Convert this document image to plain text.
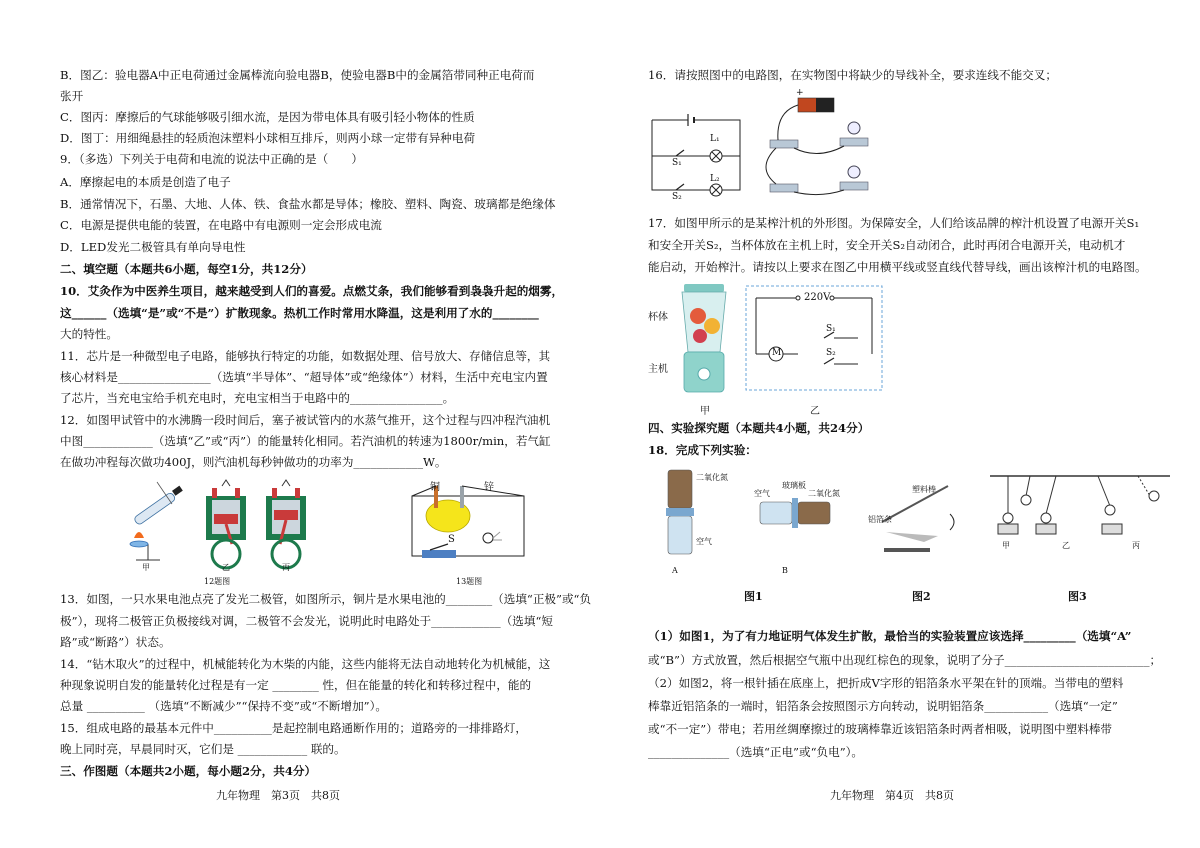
B．图乙：验电器A中正电荷通过金属棒流向验电器B，使验电器B中的金属箔带同种正电荷而
张开
C．图丙：摩擦后的气球能够吸引细水流，是因为带电体具有吸引轻小物体的性质
D．图丁：用细绳悬挂的轻质泡沫塑料小球相互排斥，则两小球一定带有异种电荷
9．（多选）下列关于电荷和电流的说法中正确的是（　　）
A．摩擦起电的本质是创造了电子
B．通常情况下，石墨、大地、人体、铁、食盐水都是导体；橡胶、塑料、陶瓷、玻璃都是绝缘体
C．电源是提供电能的装置，在电路中有电源则一定会形成电流
D．LED发光二极管具有单向导电性
二、填空题（本题共6小题，每空1分，共12分）
10．艾灸作为中医养生项目，越来越受到人们的喜爱。点燃艾条，我们能够看到袅袅升起的烟雾，
这______（选填“是”或“不是”）扩散现象。热机工作时常用水降温，这是利用了水的________
大的特性。
11．芯片是一种微型电子电路，能够执行特定的功能，如数据处理、信号放大、存储信息等，其
核心材料是________________（选填“半导体”、“超导体”或“绝缘体”）材料，生活中充电宝内置
了芯片，当充电宝给手机充电时，充电宝相当于电路中的________________。
12．如图甲试管中的水沸腾一段时间后，塞子被试管内的水蒸气推开，这个过程与四冲程汽油机
中图____________（选填“乙”或“丙”）的能量转化相同。若汽油机的转速为1800r/min，若气缸
在做功冲程每次做功400J，则汽油机每秒钟做功的功率为____________W。
甲	乙	丙
12题图
铜	锌
S
13题图
13．如图，一只水果电池点亮了发光二极管，如图所示，铜片是水果电池的________（选填“正极”或“负
极”），现将二极管正负极接线对调，二极管不会发光，说明此时电路处于____________（选填“短
路”或“断路”）状态。
14．“钻木取火”的过程中，机械能转化为木柴的内能，这些内能将无法自动地转化为机械能，这
种现象说明自发的能量转化过程是有一定 ________ 性，但在能量的转化和转移过程中，能的
总量 __________ （选填“不断减少”“保持不变”或“不断增加”）。
15．组成电路的最基本元件中__________是起控制电路通断作用的；道路旁的一排排路灯，
晚上同时亮，早晨同时灭，它们是 ____________ 联的。
三、作图题（本题共2小题，每小题2分，共4分）
九年物理　第3页　共8页
16．请按照图中的电路图，在实物图中将缺少的导线补全，要求连线不能交叉；
L₁
L₂
S₁
S₂
+
17．如图甲所示的是某榨汁机的外形图。为保障安全，人们给该品牌的榨汁机设置了电源开关S₁
和安全开关S₂，当杯体放在主机上时，安全开关S₂自动闭合，此时再闭合电源开关，电动机才
能启动，开始榨汁。请按以上要求在图乙中用横平线或竖直线代替导线，画出该榨汁机的电路图。
杯体
主机
220V
S₁
S₂
M
甲	乙
四、实验探究题（本题共4小题，共24分）
18．完成下列实验：
二氧化氮
空气
A
空气
玻璃板
二氧化氮
B
塑料棒
铝箔条
甲	乙	丙
图1	图2	图3
（1）如图1，为了有力地证明气体发生扩散，最恰当的实验装置应该选择_________（选填“A”
或“B”）方式放置，然后根据空气瓶中出现红棕色的现象，说明了分子_________________________；
（2）如图2，将一根针插在底座上，把折成V字形的铝箔条水平架在针的顶端。当带电的塑料
棒靠近铝箔条的一端时，铝箔条会按照图示方向转动，说明铝箔条___________（选填“一定”
或“不一定”）带电；若用丝绸摩擦过的玻璃棒靠近该铝箔条时两者相吸，说明图中塑料棒带
______________（选填“正电”或“负电”）。
九年物理　第4页　共8页
